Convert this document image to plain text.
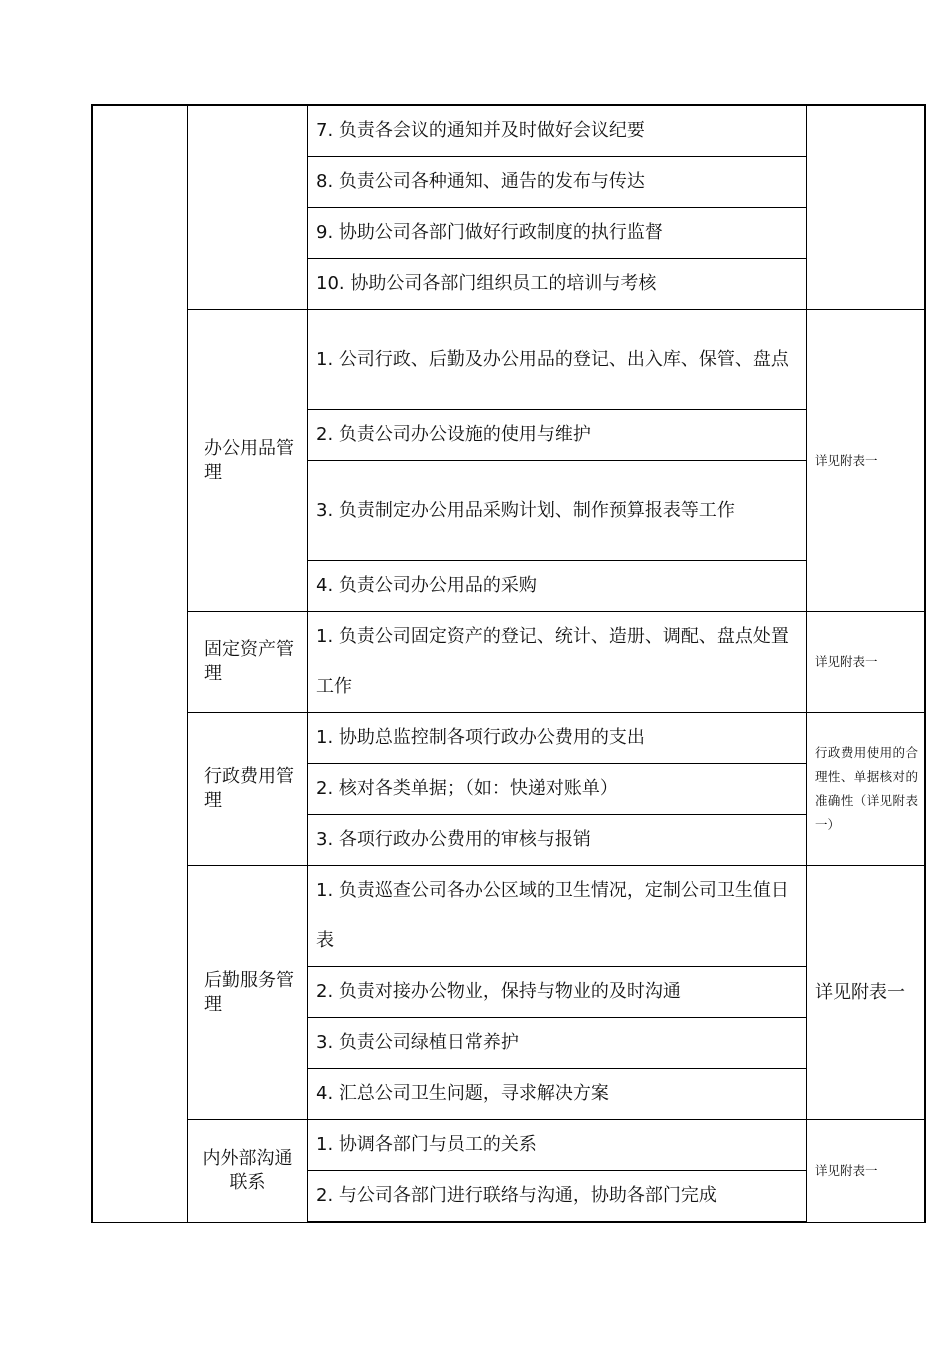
		7. 负责各会议的通知并及时做好会议纪要	
		8. 负责公司各种通知、通告的发布与传达	
		9. 协助公司各部门做好行政制度的执行监督	
		10. 协助公司各部门组织员工的培训与考核	
	办公用品管理	1. 公司行政、后勤及办公用品的登记、出入库、保管、盘点	详见附表一
		2. 负责公司办公设施的使用与维护	
		3. 负责制定办公用品采购计划、制作预算报表等工作	
		4. 负责公司办公用品的采购	
	固定资产管理	1. 负责公司固定资产的登记、统计、造册、调配、盘点处置工作	详见附表一
	行政费用管理	1. 协助总监控制各项行政办公费用的支出	行政费用使用的合理性、单据核对的准确性（详见附表一）
		2. 核对各类单据；（如：快递对账单）	
		3. 各项行政办公费用的审核与报销	
	后勤服务管理	1. 负责巡查公司各办公区域的卫生情况，定制公司卫生值日表	详见附表一
		2. 负责对接办公物业，保持与物业的及时沟通	
		3. 负责公司绿植日常养护	
		4. 汇总公司卫生问题，寻求解决方案	
	内外部沟通联系	1. 协调各部门与员工的关系	详见附表一
		2. 与公司各部门进行联络与沟通，协助各部门完成	
